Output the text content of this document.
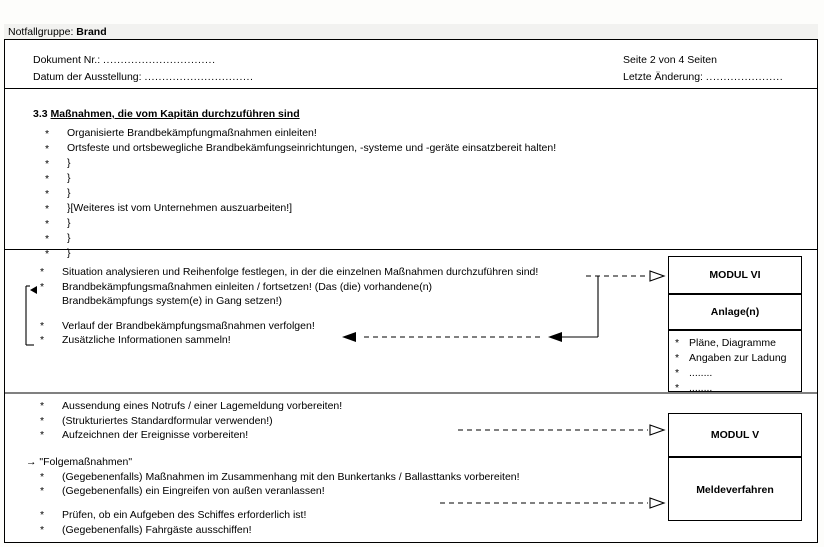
Notfallgruppe: Brand
Dokument Nr.: ................................
Datum der Ausstellung: ...............................
Seite 2 von 4 Seiten
Letzte Änderung: ......................
3.3 Maßnahmen, die vom Kapitän durchzuführen sind
* Organisierte Brandbekämpfungmaßnahmen einleiten!
* Ortsfeste und ortsbewegliche Brandbekämfungseinrichtungen, -systeme und -geräte einsatzbereit halten!
* }
* }
* }
* }[Weiteres ist vom Unternehmen auszuarbeiten!]
* }
* }
* }
* Situation analysieren und Reihenfolge festlegen, in der die einzelnen Maßnahmen durchzuführen sind!
* Brandbekämpfungsmaßnahmen einleiten / fortsetzen! (Das (die) vorhandene(n)
Brandbekämpfungs system(e) in Gang setzen!)
* Verlauf der Brandbekämpfungsmaßnahmen verfolgen!
* Zusätzliche Informationen sammeln!
* Aussendung eines Notrufs / einer Lagemeldung vorbereiten!
* (Strukturiertes Standardformular verwenden!)
* Aufzeichnen der Ereignisse vorbereiten!
→ "Folgemaßnahmen"
* (Gegebenenfalls) Maßnahmen im Zusammenhang mit den Bunkertanks / Ballasttanks vorbereiten!
* (Gegebenenfalls) ein Eingreifen von außen veranlassen!
* Prüfen, ob ein Aufgeben des Schiffes erforderlich ist!
* (Gegebenenfalls) Fahrgäste ausschiffen!
MODUL VI
Anlage(n)
* Pläne, Diagramme
* Angaben zur Ladung
* ........
* ........
MODUL V
Meldeverfahren
